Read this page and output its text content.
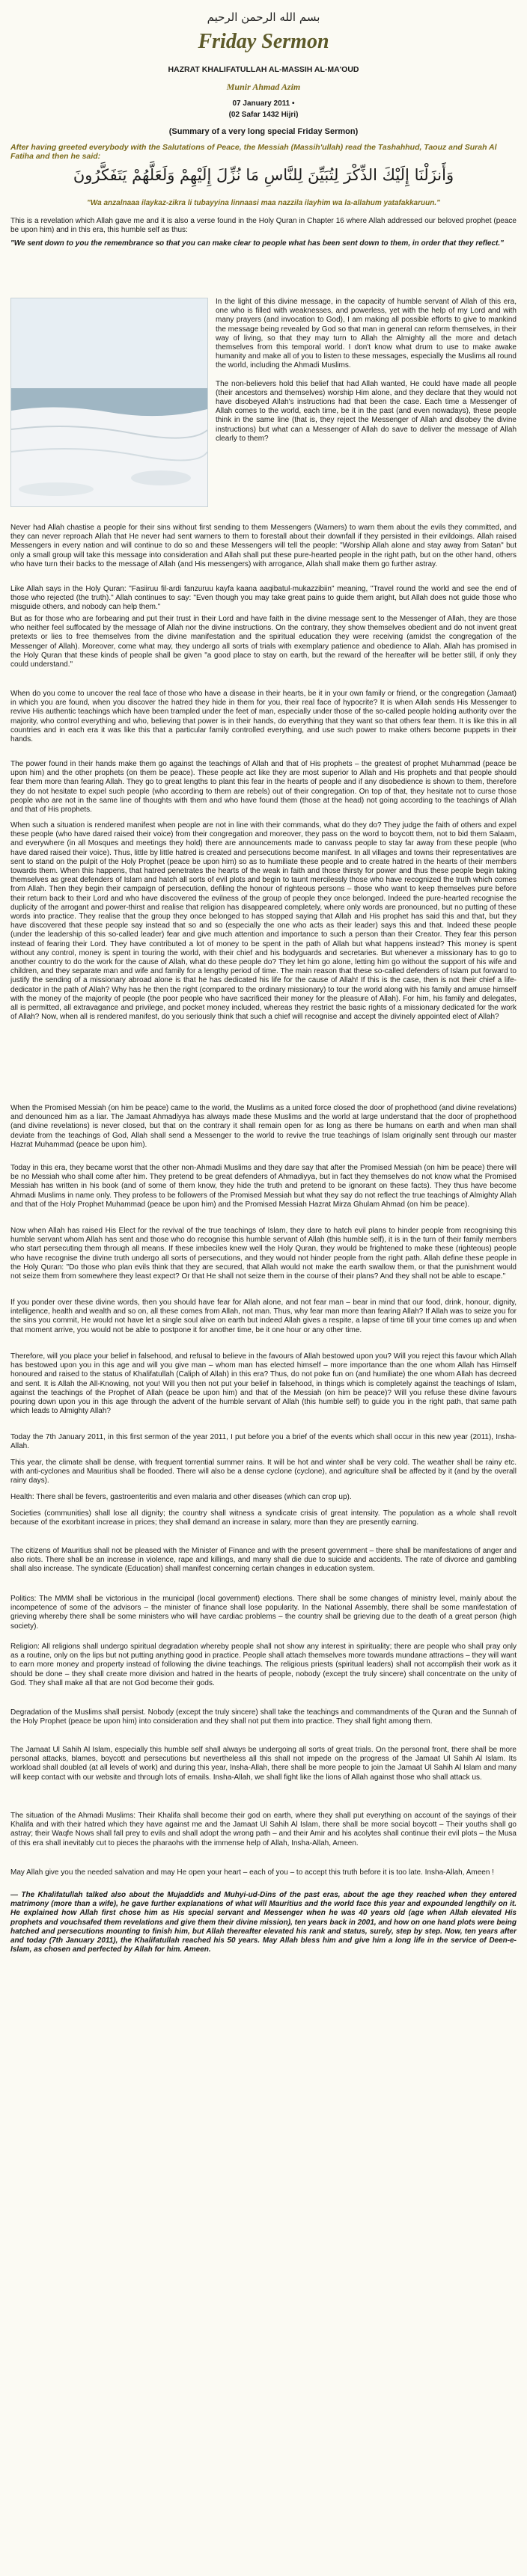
بسم الله الرحمن الرحيم
Friday Sermon
HAZRAT KHALIFATULLAH AL-MASSIH AL-MA'OUD
Munir Ahmad Azim
07 January 2011 •
(02 Safar 1432 Hijri)
(Summary of a very long special Friday Sermon)
After having greeted everybody with the Salutations of Peace, the Messiah (Massih'ullah) read the Tashahhud, Taouz and Surah Al Fatiha and then he said:
وَأَنزَلْنَا إِلَيْكَ الذِّكْرَ لِتُبَيِّنَ لِلنَّاسِ مَا نُزِّلَ إِلَيْهِمْ وَلَعَلَّهُمْ يَتَفَكَّرُونَ
"Wa anzalnaaa ilaykaz-zikra li tubayyina linnaasi maa nazzila ilayhim wa la-allahum yatafakkaruun."

This is a revelation which Allah gave me and it is also a verse found in the Holy Quran in Chapter 16 where Allah addressed our beloved prophet (peace be upon him) and in this era, this humble self as thus:

"We sent down to you the remembrance so that you can make clear to people what has been sent down to them, in order that they reflect."

In the light of this divine message, in the capacity of humble servant of Allah of this era, one who is filled with weaknesses, and powerless, yet with the help of my Lord and with many prayers (and invocation to God), I am making all possible efforts to give to mankind the message being revealed by God so that man in general can reform themselves, in their way of living, so that they may turn to Allah the Almighty all the more and detach themselves from this temporal world. I don't know what drum to use to make awake humanity and make all of you to listen to these messages, especially the Muslims all round the world, including the Ahmadi Muslims.

The non-believers hold this belief that had Allah wanted, He could have made all people (their ancestors and themselves) worship Him alone, and they declare that they would not have disobeyed Allah's instructions had that been the case. Each time a Messenger of Allah comes to the world, each time, be it in the past (and even nowadays), these people think in the same line (that is, they reject the Messenger of Allah and disobey the divine instructions) but what can a Messenger of Allah do save to deliver the message of Allah clearly to them?

Never had Allah chastise a people for their sins without first sending to them Messengers (Warners) to warn them about the evils they committed, and they can never reproach Allah that He never had sent warners to them to forestall about their downfall if they persisted in their evildoings. Allah raised Messengers in every nation and will continue to do so and these Messengers will tell the people: "Worship Allah alone and stay away from Satan" but only a small group will take this message into consideration and Allah shall put these pure-hearted people in the right path, but on the other hand, others who have turn their backs to the message of Allah (and His messengers) with arrogance, Allah shall make them go further astray.

Like Allah says in the Holy Quran: "Fasiiruu fil-ardi fanzuruu kayfa kaana aaqibatul-mukazzibiin" meaning, "Travel round the world and see the end of those who rejected (the truth)." Allah continues to say: "Even though you may take great pains to guide them aright, but Allah does not guide those who misguide others, and nobody can help them."

But as for those who are forbearing and put their trust in their Lord and have faith in the divine message sent to the Messenger of Allah, they are those who neither feel suffocated by the message of Allah nor the divine instructions. On the contrary, they show themselves obedient and do not invent great pretexts or lies to free themselves from the divine manifestation and the spiritual education they were receiving (amidst the congregation of the Messenger of Allah). Moreover, come what may, they undergo all sorts of trials with exemplary patience and obedience to Allah. Allah has promised in the Holy Quran that these kinds of people shall be given "a good place to stay on earth, but the reward of the hereafter will be better still, if only they could understand."

When do you come to uncover the real face of those who have a disease in their hearts, be it in your own family or friend, or the congregation (Jamaat) in which you are found, when you discover the hatred they hide in them for you, their real face of hypocrite? It is when Allah sends His Messenger to revive His authentic teachings which have been trampled under the feet of man, especially under those of the so-called people holding authority over the majority, who control everything and who, believing that power is in their hands, do everything that they want so that others fear them. It is like this in all countries and in each era it was like this that a particular family controlled everything, and use such power to make others become puppets in their hands.

The power found in their hands make them go against the teachings of Allah and that of His prophets – the greatest of prophet Muhammad (peace be upon him) and the other prophets (on them be peace). These people act like they are most superior to Allah and His prophets and that people should fear them more than fearing Allah. They go to great lengths to plant this fear in the hearts of people and if any disobedience is shown to them, therefore they do not hesitate to expel such people (who according to them are rebels) out of their congregation. On top of that, they hesitate not to curse those people who are not in the same line of thoughts with them and who have found them (those at the head) not going according to the teachings of Allah and that of His prophets.

When such a situation is rendered manifest when people are not in line with their commands, what do they do? They judge the faith of others and expel these people (who have dared raised their voice) from their congregation and moreover, they pass on the word to boycott them, not to bid them Salaam, and everywhere (in all Mosques and meetings they hold) there are announcements made to canvass people to stay far away from these people (who have dared raised their voice). Thus, little by little hatred is created and persecutions become manifest. In all villages and towns their representatives are sent to stand on the pulpit of the Holy Prophet (peace be upon him) so as to humiliate these people and to create hatred in the hearts of their members towards them. When this happens, that hatred penetrates the hearts of the weak in faith and those thirsty for power and thus these people begin taking themselves as great defenders of Islam and hatch all sorts of evil plots and begin to taunt mercilessly those who have recognized the truth which comes from Allah. Then they begin their campaign of persecution, defiling the honour of righteous persons – those who want to keep themselves pure before their return back to their Lord and who have discovered the evilness of the group of people they once belonged. Indeed the pure-hearted recognise the duplicity of the arrogant and power-thirst and realise that religion has disappeared completely, where only words are pronounced, but no putting of these words into practice. They realise that the group they once belonged to has stopped saying that Allah and His prophet has said this and that, but they have discovered that these people say instead that so and so (especially the one who acts as their leader) says this and that. Indeed these people (under the leadership of this so-called leader) fear and give much attention and importance to such a person than their Creator. They fear this person instead of fearing their Lord. They have contributed a lot of money to be spent in the path of Allah but what happens instead? This money is spent without any control, money is spent in touring the world, with their chief and his bodyguards and secretaries. But whenever a missionary has to go to another country to do the work for the cause of Allah, what do these people do? They let him go alone, letting him go without the support of his wife and children, and they separate man and wife and family for a lengthy period of time. The main reason that these so-called defenders of Islam put forward to justify the sending of a missionary abroad alone is that he has dedicated his life for the cause of Allah! If this is the case, then is not their chief a life-dedicator in the path of Allah? Why has he then the right (compared to the ordinary missionary) to tour the world along with his family and amuse himself with the money of the majority of people (the poor people who have sacrificed their money for the pleasure of Allah). For him, his family and delegates, all is permitted, all extravagance and privilege, and pocket money included, whereas they restrict the basic rights of a missionary dedicated for the work of Allah? Now, when all is rendered manifest, do you seriously think that such a chief will recognise and accept the divinely appointed elect of Allah?

When the Promised Messiah (on him be peace) came to the world, the Muslims as a united force closed the door of prophethood (and divine revelations) and denounced him as a liar. The Jamaat Ahmadiyya has always made these Muslims and the world at large understand that the door of prophethood (and divine revelations) is never closed, but that on the contrary it shall remain open for as long as there be humans on earth and when man shall deviate from the teachings of God, Allah shall send a Messenger to the world to revive the true teachings of Islam originally sent through our master Hazrat Muhammad (peace be upon him).

Today in this era, they became worst that the other non-Ahmadi Muslims and they dare say that after the Promised Messiah (on him be peace) there will be no Messiah who shall come after him. They pretend to be great defenders of Ahmadiyya, but in fact they themselves do not know what the Promised Messiah has written in his book (and of some of them know, they hide the truth and pretend to be ignorant on these facts). They thus have become Ahmadi Muslims in name only. They profess to be followers of the Promised Messiah but what they say do not reflect the true teachings of Almighty Allah and that of the Holy Prophet Muhammad (peace be upon him) and the Promised Messiah Hazrat Mirza Ghulam Ahmad (on him be peace).

Now when Allah has raised His Elect for the revival of the true teachings of Islam, they dare to hatch evil plans to hinder people from recognising this humble servant whom Allah has sent and those who do recognise this humble servant of Allah (this humble self), it is in the turn of their family members who start persecuting them through all means. If these imbeciles knew well the Holy Quran, they would be frightened to make these (righteous) people who have recognise the divine truth undergo all sorts of persecutions, and they would not hinder people from the right path. Allah define these people in the Holy Quran: "Do those who plan evils think that they are secured, that Allah would not make the earth swallow them, or that the punishment would not seize them from somewhere they least expect? Or that He shall not seize them in the course of their plans? And they shall not be able to escape."

If you ponder over these divine words, then you should have fear for Allah alone, and not fear man – bear in mind that our food, drink, honour, dignity, intelligence, health and wealth and so on, all these comes from Allah, not man. Thus, why fear man more than fearing Allah? If Allah was to seize you for the sins you commit, He would not have let a single soul alive on earth but indeed Allah gives a respite, a lapse of time till your time comes up and when that moment arrive, you would not be able to postpone it for another time, be it one hour or any other time.

Therefore, will you place your belief in falsehood, and refusal to believe in the favours of Allah bestowed upon you? Will you reject this favour which Allah has bestowed upon you in this age and will you give man – whom man has elected himself – more importance than the one whom Allah has Himself honoured and raised to the status of Khalifatullah (Caliph of Allah) in this era? Thus, do not poke fun on (and humiliate) the one whom Allah has decreed and sent. It is Allah the All-Knowing, not you! Will you then not put your belief in falsehood, in things which is completely against the teachings of Islam, against the teachings of the Prophet of Allah (peace be upon him) and that of the Messiah (on him be peace)? Will you refuse these divine favours pouring down upon you in this age through the advent of the humble servant of Allah (this humble self) to guide you in the right path, that same path which leads to Almighty Allah?

Today the 7th January 2011, in this first sermon of the year 2011, I put before you a brief of the events which shall occur in this new year (2011), Insha-Allah.

This year, the climate shall be dense, with frequent torrential summer rains. It will be hot and winter shall be very cold. The weather shall be rainy etc. with anti-cyclones and Mauritius shall be flooded. There will also be a dense cyclone (cyclone), and agriculture shall be affected by it (and by the overall rainy days).

Health: There shall be fevers, gastroenteritis and even malaria and other diseases (which can crop up).

Societies (communities) shall lose all dignity; the country shall witness a syndicate crisis of great intensity. The population as a whole shall revolt because of the exorbitant increase in prices; they shall demand an increase in salary, more than they are presently earning.

The citizens of Mauritius shall not be pleased with the Minister of Finance and with the present government – there shall be manifestations of anger and also riots. There shall be an increase in violence, rape and killings, and many shall die due to suicide and accidents. The rate of divorce and gambling shall also increase. The syndicate (Education) shall manifest concerning certain changes in education system.

Politics: The MMM shall be victorious in the municipal (local government) elections. There shall be some changes of ministry level, mainly about the incompetence of some of the advisors – the minister of finance shall lose popularity. In the National Assembly, there shall be some manifestation of grieving whereby there shall be some ministers who will have cardiac problems – the country shall be grieving due to the death of a great person (high society).

Religion: All religions shall undergo spiritual degradation whereby people shall not show any interest in spirituality; there are people who shall pray only as a routine, only on the lips but not putting anything good in practice. People shall attach themselves more towards mundane attractions – they will want to earn more money and property instead of following the divine teachings. The religious priests (spiritual leaders) shall not accomplish their work as it should be done – they shall create more division and hatred in the hearts of people, nobody (except the truly sincere) shall concentrate on the unity of God. They shall make all that are not God become their gods.

Degradation of the Muslims shall persist. Nobody (except the truly sincere) shall take the teachings and commandments of the Quran and the Sunnah of the Holy Prophet (peace be upon him) into consideration and they shall not put them into practice. They shall fight among them.

The Jamaat Ul Sahih Al Islam, especially this humble self shall always be undergoing all sorts of great trials. On the personal front, there shall be more personal attacks, blames, boycott and persecutions but nevertheless all this shall not impede on the progress of the Jamaat Ul Sahih Al Islam. Its workload shall doubled (at all levels of work) and during this year, Insha-Allah, there shall be more people to join the Jamaat Ul Sahih Al Islam and many will keep contact with our website and through lots of emails. Insha-Allah, we shall fight like the lions of Allah against those who shall attack us.

The situation of the Ahmadi Muslims: Their Khalifa shall become their god on earth, where they shall put everything on account of the sayings of their Khalifa and with their hatred which they have against me and the Jamaat Ul Sahih Al Islam, there shall be more social boycott – Their youths shall go astray; their Waqfe Nows shall fall prey to evils and shall adopt the wrong path – and their Amir and his acolytes shall continue their evil plots – the Musa of this era shall inevitably cut to pieces the pharaohs with the immense help of Allah, Insha-Allah, Ameen.

May Allah give you the needed salvation and may He open your heart – each of you – to accept this truth before it is too late. Insha-Allah, Ameen !

— The Khalifatullah talked also about the Mujaddids and Muhyi-ud-Dins of the past eras, about the age they reached when they entered matrimony (more than a wife), he gave further explanations of what will Mauritius and the world face this year and expounded lengthily on it. He explained how Allah first chose him as His special servant and Messenger when he was 40 years old (age when Allah elevated His prophets and vouchsafed them revelations and give them their divine mission), ten years back in 2001, and how on one hand plots were being hatched and persecutions mounting to finish him, but Allah thereafter elevated his rank and status, surely, step by step. Now, ten years after and today (7th January 2011), the Khalifatullah reached his 50 years. May Allah bless him and give him a long life in the service of Deen-e-Islam, as chosen and perfected by Allah for him. Ameen.
